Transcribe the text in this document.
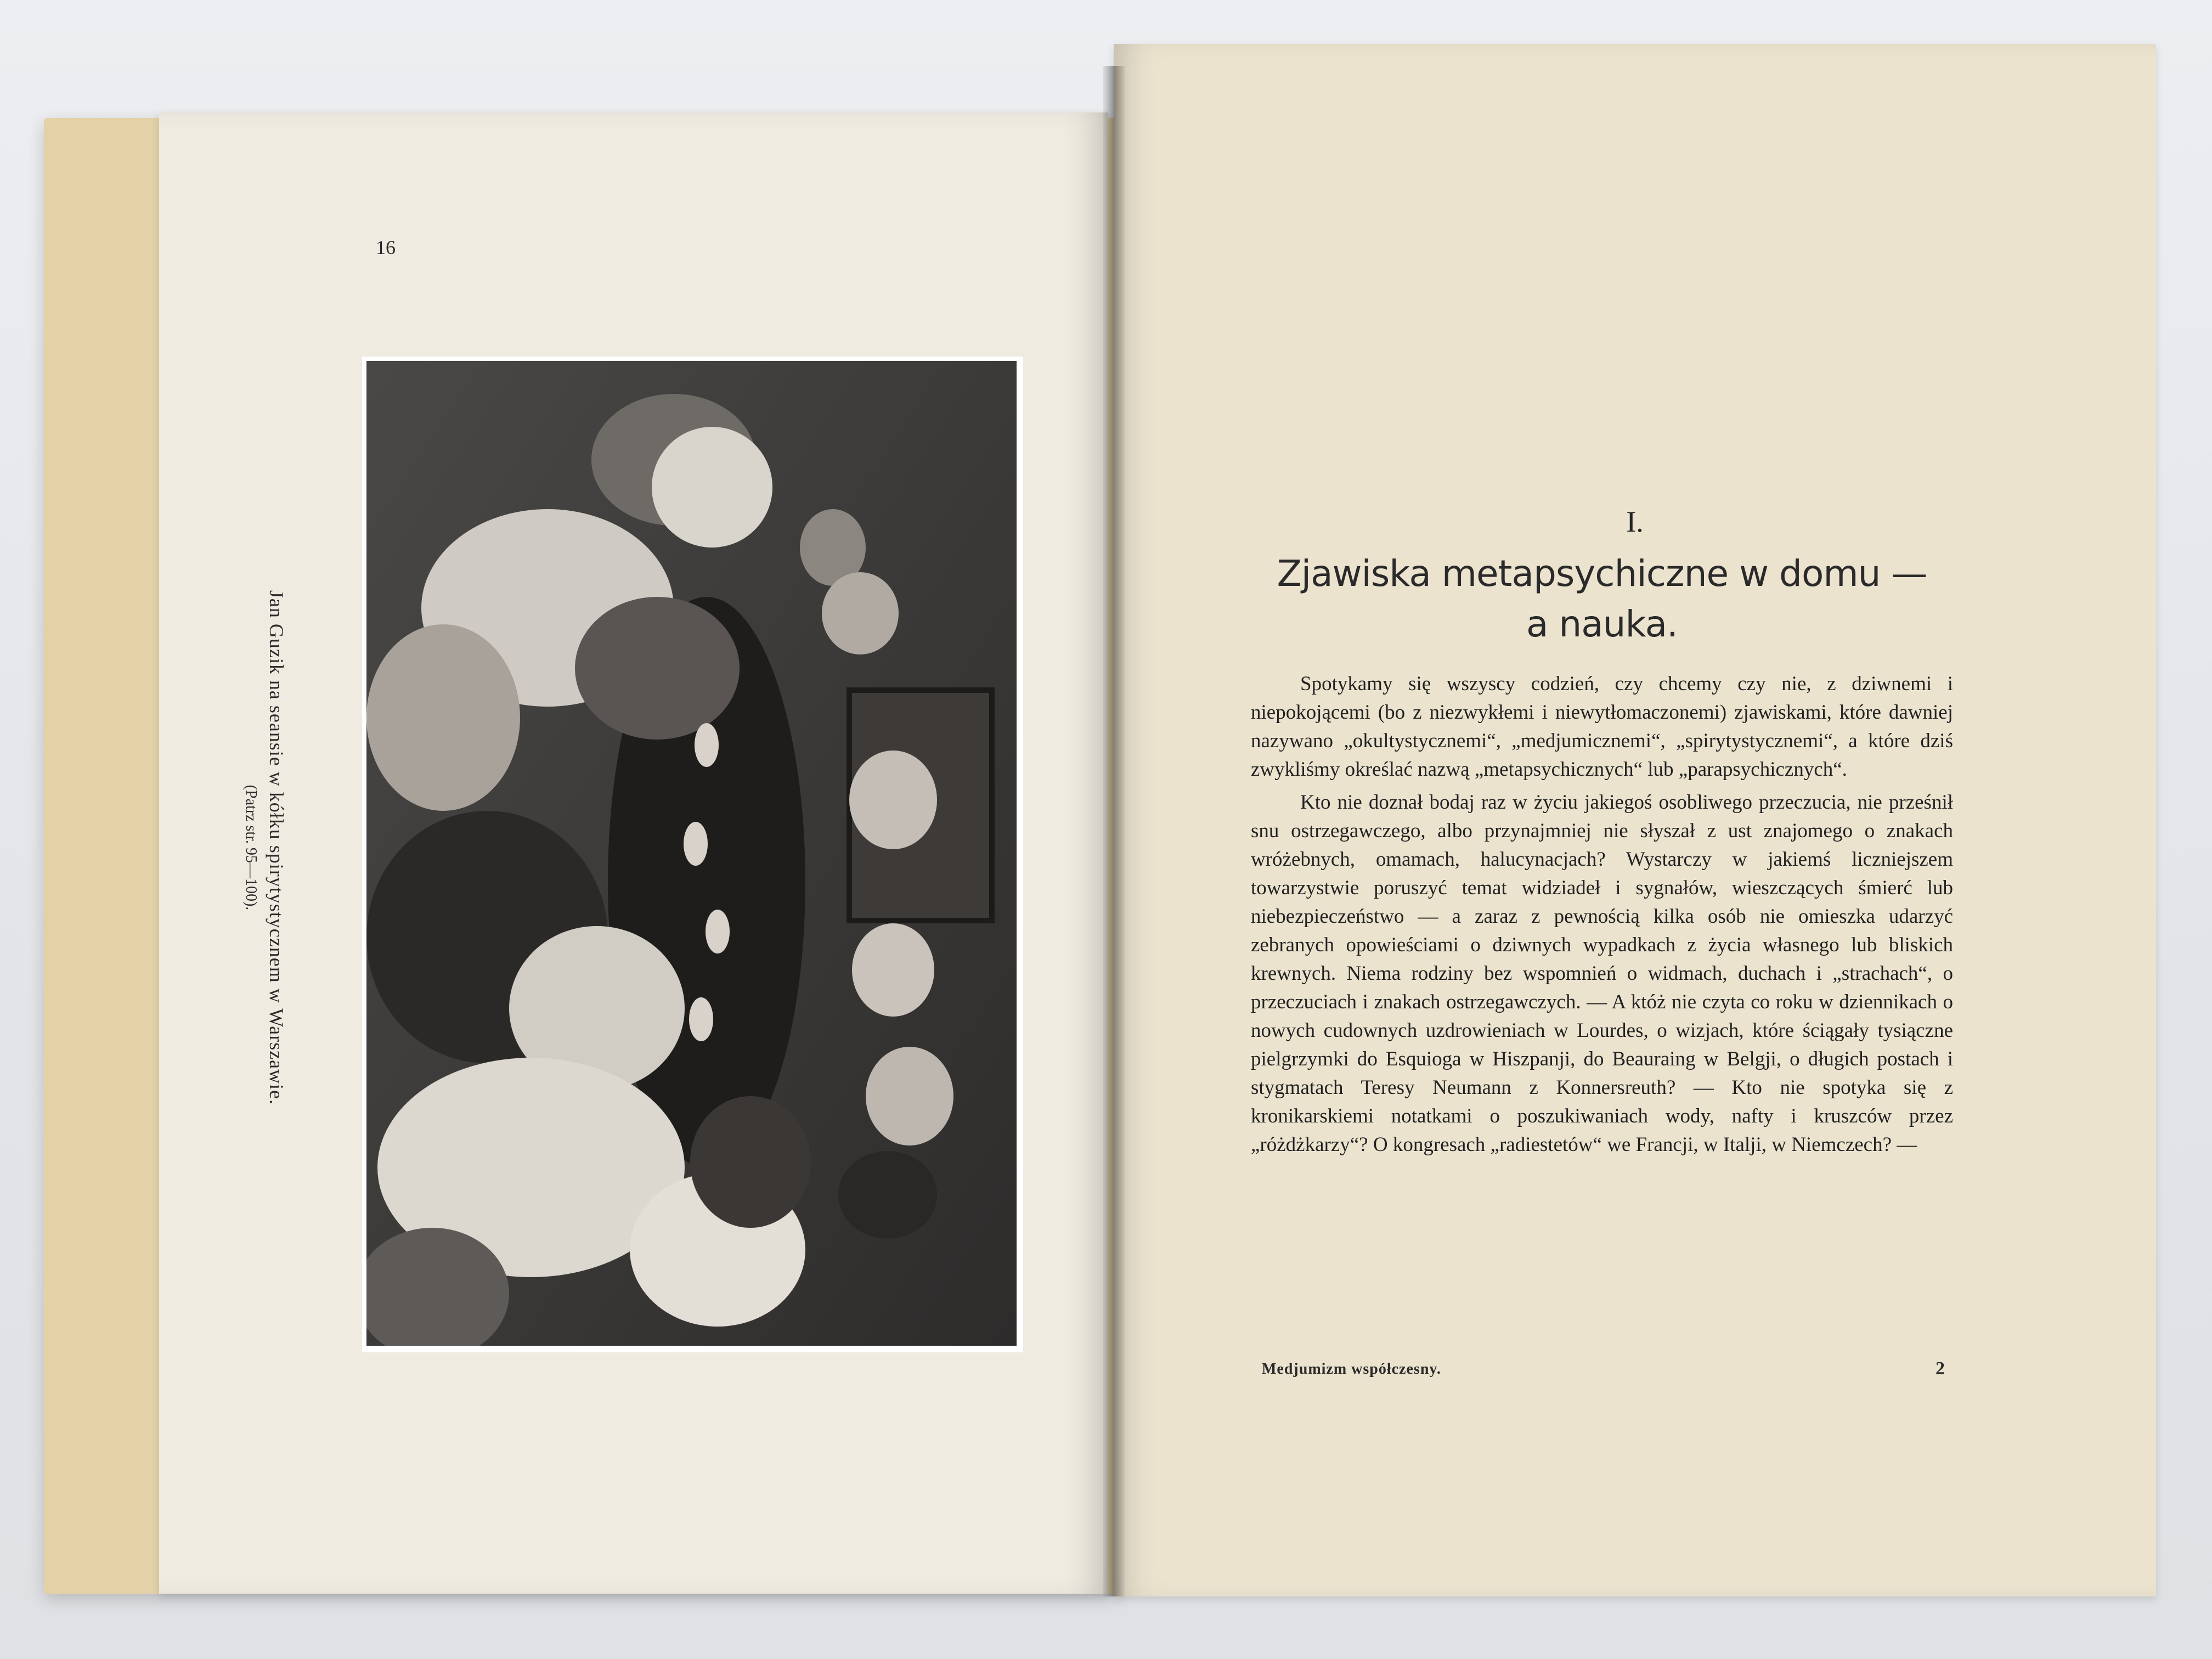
16
Jan Guzik na seansie w kółku spirytystycznem w Warszawie.
(Patrz str. 95—100).
I.
Zjawiska metapsychiczne w domu —
a nauka.

Spotykamy się wszyscy codzień, czy chcemy czy nie, z dziwnemi i niepokojącemi (bo z niezwykłemi i niewytłomaczonemi) zjawiskami, które dawniej nazywano „okultystycznemi“, „medjumicznemi“, „spirytystycznemi“, a które dziś zwykliśmy określać nazwą „metapsychicznych“ lub „parapsychicznych“.

Kto nie doznał bodaj raz w życiu jakiegoś osobliwego przeczucia, nie prześnił snu ostrzegawczego, albo przynajmniej nie słyszał z ust znajomego o znakach wróżebnych, omamach, halucynacjach? Wystarczy w jakiemś liczniejszem towarzystwie poruszyć temat widziadeł i sygnałów, wieszczących śmierć lub niebezpieczeństwo — a zaraz z pewnością kilka osób nie omieszka udarzyć zebranych opowieściami o dziwnych wypadkach z życia własnego lub bliskich krewnych. Niema rodziny bez wspomnień o widmach, duchach i „strachach“, o przeczuciach i znakach ostrzegawczych. — A któż nie czyta co roku w dziennikach o nowych cudownych uzdrowieniach w Lourdes, o wizjach, które ściągały tysiączne pielgrzymki do Esquioga w Hiszpanji, do Beauraing w Belgji, o długich postach i stygmatach Teresy Neumann z Konnersreuth? — Kto nie spotyka się z kronikarskiemi notatkami o poszukiwaniach wody, nafty i kruszców przez „różdżkarzy“? O kongresach „radiestetów“ we Francji, w Italji, w Niemczech? —

Medjumizm współczesny.	2
